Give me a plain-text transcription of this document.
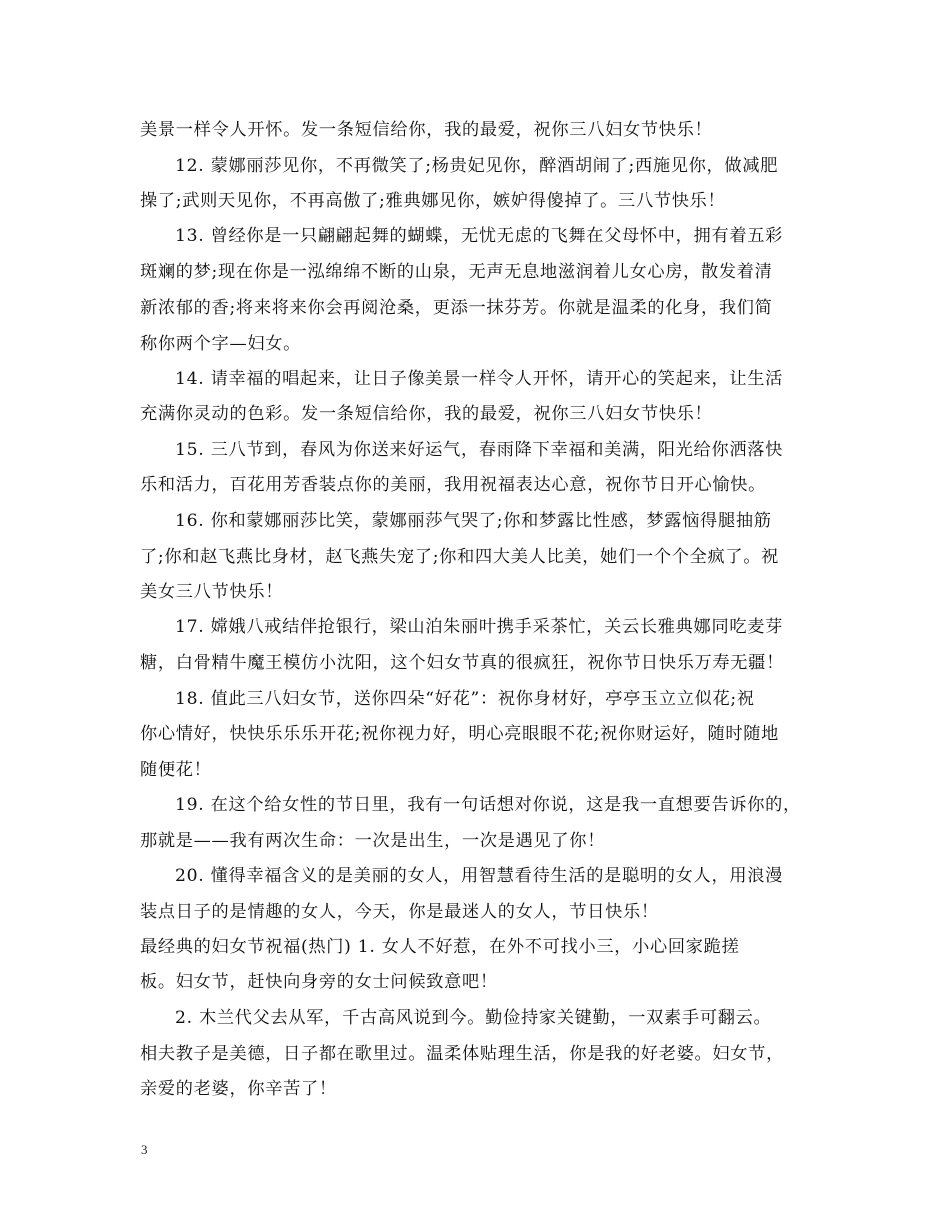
美景一样令人开怀。发一条短信给你，我的最爱，祝你三八妇女节快乐！
12. 蒙娜丽莎见你，不再微笑了;杨贵妃见你，醉酒胡闹了;西施见你，做减肥
操了;武则天见你，不再高傲了;雅典娜见你，嫉妒得傻掉了。三八节快乐！
13. 曾经你是一只翩翩起舞的蝴蝶，无忧无虑的飞舞在父母怀中，拥有着五彩
斑斓的梦;现在你是一泓绵绵不断的山泉，无声无息地滋润着儿女心房，散发着清
新浓郁的香;将来将来你会再阅沧桑，更添一抹芬芳。你就是温柔的化身，我们简
称你两个字—妇女。
14. 请幸福的唱起来，让日子像美景一样令人开怀，请开心的笑起来，让生活
充满你灵动的色彩。发一条短信给你，我的最爱，祝你三八妇女节快乐！
15. 三八节到，春风为你送来好运气，春雨降下幸福和美满，阳光给你洒落快
乐和活力，百花用芳香装点你的美丽，我用祝福表达心意，祝你节日开心愉快。
16. 你和蒙娜丽莎比笑，蒙娜丽莎气哭了;你和梦露比性感，梦露恼得腿抽筋
了;你和赵飞燕比身材，赵飞燕失宠了;你和四大美人比美，她们一个个全疯了。祝
美女三八节快乐！
17. 嫦娥八戒结伴抢银行，梁山泊朱丽叶携手采茶忙，关云长雅典娜同吃麦芽
糖，白骨精牛魔王模仿小沈阳，这个妇女节真的很疯狂，祝你节日快乐万寿无疆！
18. 值此三八妇女节，送你四朵“好花”：祝你身材好，亭亭玉立立似花;祝
你心情好，快快乐乐乐开花;祝你视力好，明心亮眼眼不花;祝你财运好，随时随地
随便花！
19. 在这个给女性的节日里，我有一句话想对你说，这是我一直想要告诉你的，
那就是——我有两次生命：一次是出生，一次是遇见了你！
20. 懂得幸福含义的是美丽的女人，用智慧看待生活的是聪明的女人，用浪漫
装点日子的是情趣的女人，今天，你是最迷人的女人，节日快乐！
最经典的妇女节祝福(热门) 1. 女人不好惹，在外不可找小三，小心回家跪搓
板。妇女节，赶快向身旁的女士问候致意吧！
2. 木兰代父去从军，千古高风说到今。勤俭持家关键勤，一双素手可翻云。
相夫教子是美德，日子都在歌里过。温柔体贴理生活，你是我的好老婆。妇女节，
亲爱的老婆，你辛苦了！
3
